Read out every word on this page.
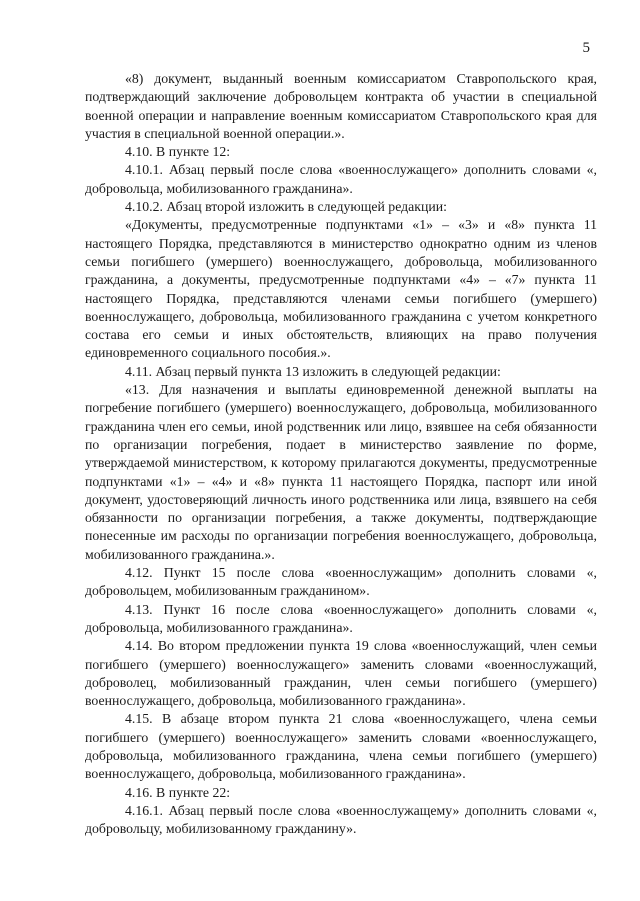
5

«8) документ, выданный военным комиссариатом Ставропольского края, подтверждающий заключение добровольцем контракта об участии в специальной военной операции и направление военным комиссариатом Ставропольского края для участия в специальной военной операции.».

4.10. В пункте 12:

4.10.1. Абзац первый после слова «военнослужащего» дополнить словами «, добровольца, мобилизованного гражданина».

4.10.2. Абзац второй изложить в следующей редакции:

«Документы, предусмотренные подпунктами «1» – «3» и «8» пункта 11 настоящего Порядка, представляются в министерство однократно одним из членов семьи погибшего (умершего) военнослужащего, добровольца, мобилизованного гражданина, а документы, предусмотренные подпунктами «4» – «7» пункта 11 настоящего Порядка, представляются членами семьи погибшего (умершего) военнослужащего, добровольца, мобилизованного гражданина с учетом конкретного состава его семьи и иных обстоятельств, влияющих на право получения единовременного социального пособия.».

4.11. Абзац первый пункта 13 изложить в следующей редакции:

«13. Для назначения и выплаты единовременной денежной выплаты на погребение погибшего (умершего) военнослужащего, добровольца, мобилизованного гражданина член его семьи, иной родственник или лицо, взявшее на себя обязанности по организации погребения, подает в министерство заявление по форме, утверждаемой министерством, к которому прилагаются документы, предусмотренные подпунктами «1» – «4» и «8» пункта 11 настоящего Порядка, паспорт или иной документ, удостоверяющий личность иного родственника или лица, взявшего на себя обязанности по организации погребения, а также документы, подтверждающие понесенные им расходы по организации погребения военнослужащего, добровольца, мобилизованного гражданина.».

4.12. Пункт 15 после слова «военнослужащим» дополнить словами «, добровольцем, мобилизованным гражданином».

4.13. Пункт 16 после слова «военнослужащего» дополнить словами «, добровольца, мобилизованного гражданина».

4.14. Во втором предложении пункта 19 слова «военнослужащий, член семьи погибшего (умершего) военнослужащего» заменить словами «военнослужащий, доброволец, мобилизованный гражданин, член семьи погибшего (умершего) военнослужащего, добровольца, мобилизованного гражданина».

4.15. В абзаце втором пункта 21 слова «военнослужащего, члена семьи погибшего (умершего) военнослужащего» заменить словами «военнослужащего, добровольца, мобилизованного гражданина, члена семьи погибшего (умершего) военнослужащего, добровольца, мобилизованного гражданина».

4.16. В пункте 22:

4.16.1. Абзац первый после слова «военнослужащему» дополнить словами «, добровольцу, мобилизованному гражданину».
